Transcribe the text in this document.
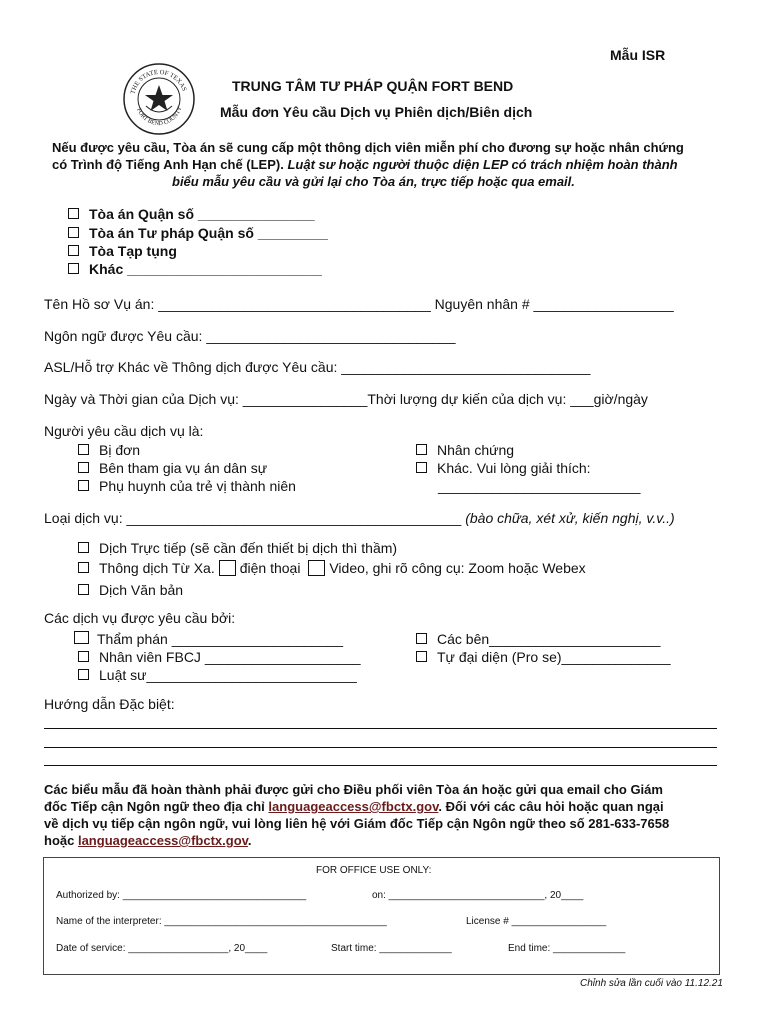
Mẫu ISR
THE STATE OF TEXAS
FORT BEND COUNTY
TRUNG TÂM TƯ PHÁP QUẬN FORT BEND
Mẫu đơn Yêu cầu Dịch vụ Phiên dịch/Biên dịch
Nếu được yêu cầu, Tòa án sẽ cung cấp một thông dịch viên miễn phí cho đương sự hoặc nhân chứng
có Trình độ Tiếng Anh Hạn chế (LEP). Luật sư hoặc người thuộc diện LEP có trách nhiệm hoàn thành
biểu mẫu yêu cầu và gửi lại cho Tòa án, trực tiếp hoặc qua email.
Tòa án Quận số _______________
Tòa án Tư pháp Quận số _________
Tòa Tạp tụng
Khác _________________________
Tên Hồ sơ Vụ án: ___________________________________ Nguyên nhân # __________________
Ngôn ngữ được Yêu cầu: ________________________________
ASL/Hỗ trợ Khác về Thông dịch được Yêu cầu: ________________________________
Ngày và Thời gian của Dịch vụ: ________________Thời lượng dự kiến của dịch vụ: ___giờ/ngày
Người yêu cầu dịch vụ là:
Bị đơn
Bên tham gia vụ án dân sự
Phụ huynh của trẻ vị thành niên
Nhân chứng
Khác. Vui lòng giải thích:
__________________________
Loại dịch vụ: ___________________________________________ (bào chữa, xét xử, kiến nghị, v.v..)
Dịch Trực tiếp (sẽ cần đến thiết bị dịch thì thầm)
Thông dịch Từ Xa. điện thoại Video, ghi rõ công cụ: Zoom hoặc Webex
Dịch Văn bản
Các dịch vụ được yêu cầu bởi:
Thẩm phán ______________________
Nhân viên FBCJ ____________________
Luật sư___________________________
Các bên______________________
Tự đại diện (Pro se)______________
Hướng dẫn Đặc biệt:
Các biểu mẫu đã hoàn thành phải được gửi cho Điều phối viên Tòa án hoặc gửi qua email cho Giám
đốc Tiếp cận Ngôn ngữ theo địa chỉ languageaccess@fbctx.gov. Đối với các câu hỏi hoặc quan ngại
về dịch vụ tiếp cận ngôn ngữ, vui lòng liên hệ với Giám đốc Tiếp cận Ngôn ngữ theo số 281-633-7658
hoặc languageaccess@fbctx.gov.
FOR OFFICE USE ONLY:
Authorized by: _________________________________	on: ____________________________, 20____
Name of the interpreter: ________________________________________	License # _________________
Date of service: __________________, 20____	Start time: _____________	End time: _____________
Chỉnh sửa lần cuối vào 11.12.21
